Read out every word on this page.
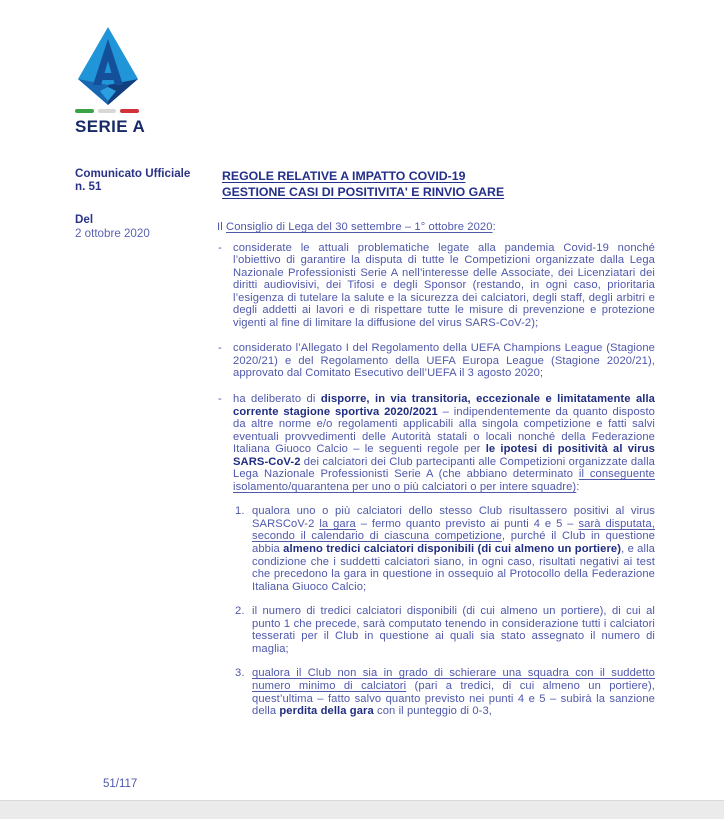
SERIE A
Comunicato Ufficiale
n. 51
Del
2 ottobre 2020
REGOLE RELATIVE A IMPATTO COVID-19
GESTIONE CASI DI POSITIVITA' E RINVIO GARE
Il Consiglio di Lega del 30 settembre – 1° ottobre 2020:
- considerate le attuali problematiche legate alla pandemia Covid-19 nonché l’obiettivo di garantire la disputa di tutte le Competizioni organizzate dalla Lega Nazionale Professionisti Serie A nell’interesse delle Associate, dei Licenziatari dei diritti audiovisivi, dei Tifosi e degli Sponsor (restando, in ogni caso, prioritaria l’esigenza di tutelare la salute e la sicurezza dei calciatori, degli staff, degli arbitri e degli addetti ai lavori e di rispettare tutte le misure di prevenzione e protezione vigenti al fine di limitare la diffusione del virus SARS-CoV-2);
- considerato l’Allegato I del Regolamento della UEFA Champions League (Stagione 2020/21) e del Regolamento della UEFA Europa League (Stagione 2020/21), approvato dal Comitato Esecutivo dell’UEFA il 3 agosto 2020;
- ha deliberato di disporre, in via transitoria, eccezionale e limitatamente alla corrente stagione sportiva 2020/2021 – indipendentemente da quanto disposto da altre norme e/o regolamenti applicabili alla singola competizione e fatti salvi eventuali provvedimenti delle Autorità statali o locali nonché della Federazione Italiana Giuoco Calcio – le seguenti regole per le ipotesi di positività al virus SARS-CoV-2 dei calciatori dei Club partecipanti alle Competizioni organizzate dalla Lega Nazionale Professionisti Serie A (che abbiano determinato il conseguente isolamento/quarantena per uno o più calciatori o per intere squadre):
1. qualora uno o più calciatori dello stesso Club risultassero positivi al virus SARSCoV-2 la gara – fermo quanto previsto ai punti 4 e 5 – sarà disputata, secondo il calendario di ciascuna competizione, purché il Club in questione abbia almeno tredici calciatori disponibili (di cui almeno un portiere), e alla condizione che i suddetti calciatori siano, in ogni caso, risultati negativi ai test che precedono la gara in questione in ossequio al Protocollo della Federazione Italiana Giuoco Calcio;
2. il numero di tredici calciatori disponibili (di cui almeno un portiere), di cui al punto 1 che precede, sarà computato tenendo in considerazione tutti i calciatori tesserati per il Club in questione ai quali sia stato assegnato il numero di maglia;
3. qualora il Club non sia in grado di schierare una squadra con il suddetto numero minimo di calciatori (pari a tredici, di cui almeno un portiere), quest’ultima – fatto salvo quanto previsto nei punti 4 e 5 – subirà la sanzione della perdita della gara con il punteggio di 0-3,
51/117
